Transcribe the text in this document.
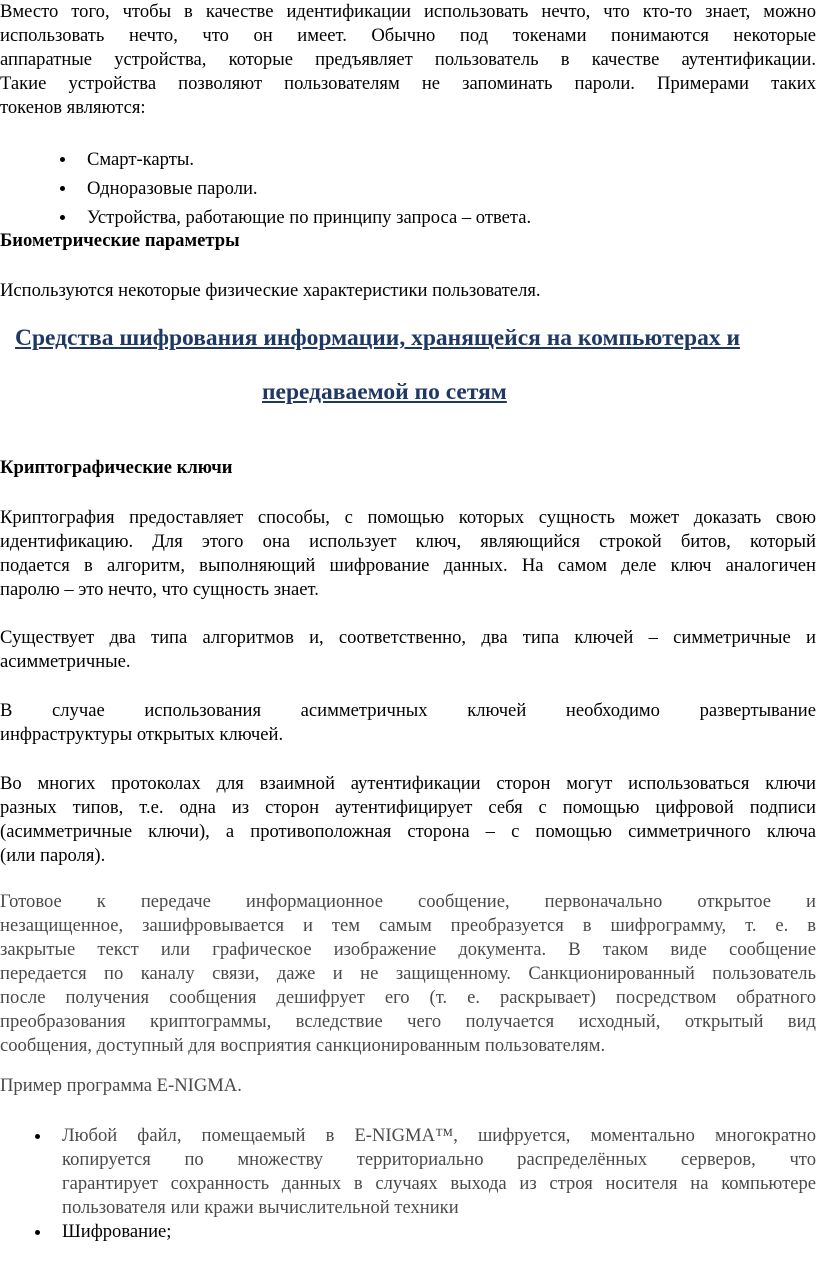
Вместо того, чтобы в качестве идентификации использовать нечто, что кто-то знает, можно
использовать нечто, что он имеет. Обычно под токенами понимаются некоторые
аппаратные устройства, которые предъявляет пользователь в качестве аутентификации.
Такие устройства позволяют пользователям не запоминать пароли. Примерами таких
токенов являются:
Смарт-карты.
Одноразовые пароли.
Устройства, работающие по принципу запроса – ответа.
Биометрические параметры
Используются некоторые физические характеристики пользователя.
Средства шифрования информации, хранящейся на компьютерах и
передаваемой по сетям
Криптографические ключи
Криптография предоставляет способы, с помощью которых сущность может доказать свою
идентификацию. Для этого она использует ключ, являющийся строкой битов, который
подается в алгоритм, выполняющий шифрование данных. На самом деле ключ аналогичен
паролю – это нечто, что сущность знает.
Существует два типа алгоритмов и, соответственно, два типа ключей – симметричные и
асимметричные.
В случае использования асимметричных ключей необходимо развертывание
инфраструктуры открытых ключей.
Во многих протоколах для взаимной аутентификации сторон могут использоваться ключи
разных типов, т.е. одна из сторон аутентифицирует себя с помощью цифровой подписи
(асимметричные ключи), а противоположная сторона – с помощью симметричного ключа
(или пароля).
Готовое к передаче информационное сообщение, первоначально открытое и
незащищенное, зашифровывается и тем самым преобразуется в шифрограмму, т. е. в
закрытые текст или графическое изображение документа. В таком виде сообщение
передается по каналу связи, даже и не защищенному. Санкционированный пользователь
после получения сообщения дешифрует его (т. е. раскрывает) посредством обратного
преобразования криптограммы, вследствие чего получается исходный, открытый вид
сообщения, доступный для восприятия санкционированным пользователям.
Пример программа E-NIGMA.
Любой файл, помещаемый в E-NIGMA™, шифруется, моментально многократно
копируется по множеству территориально распределённых серверов, что
гарантирует сохранность данных в случаях выхода из строя носителя на компьютере
пользователя или кражи вычислительной техники
Шифрование;
